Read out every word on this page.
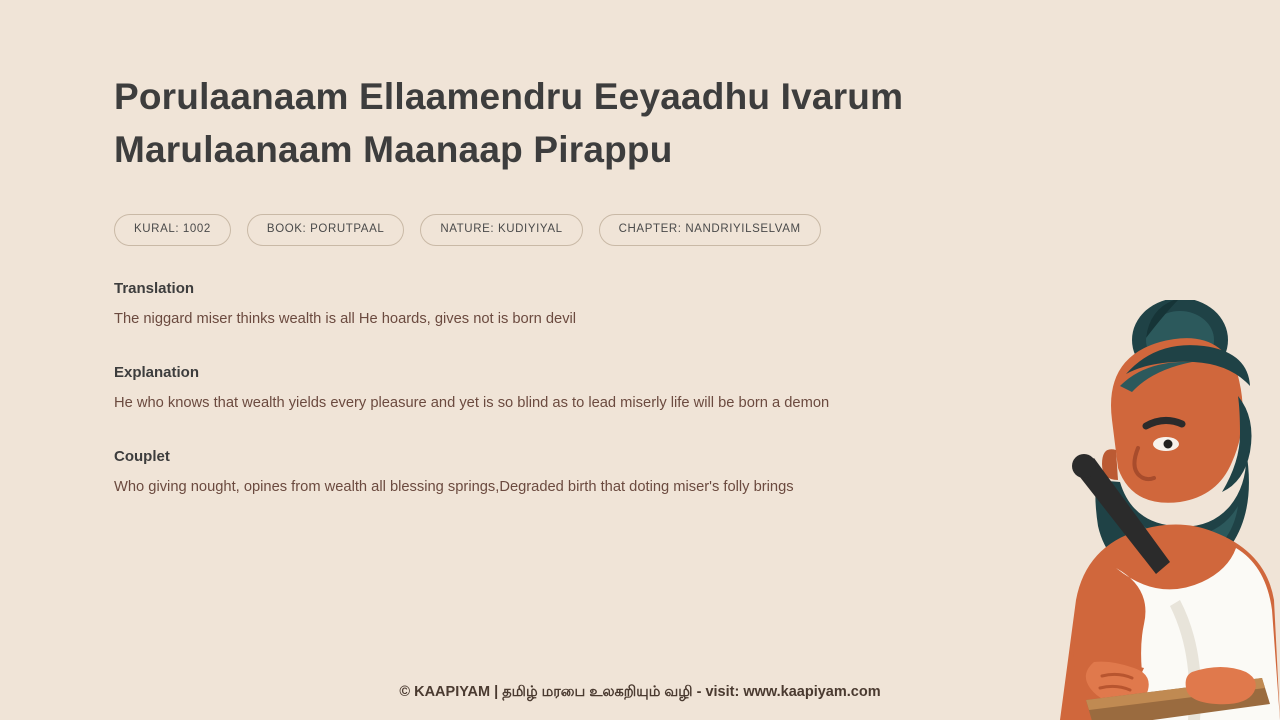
Porulaanaam Ellaamendru Eeyaadhu Ivarum Marulaanaam Maanaap Pirappu
KURAL: 1002	BOOK: PORUTPAAL	NATURE: KUDIYIYAL	CHAPTER: NANDRIYILSELVAM
Translation

The niggard miser thinks wealth is all He hoards, gives not is born devil

Explanation

He who knows that wealth yields every pleasure and yet is so blind as to lead miserly life will be born a demon

Couplet

Who giving nought, opines from wealth all blessing springs,Degraded birth that doting miser's folly brings

© KAAPIYAM | தமிழ் மரபை உலகறியும் வழி - visit: www.kaapiyam.com
